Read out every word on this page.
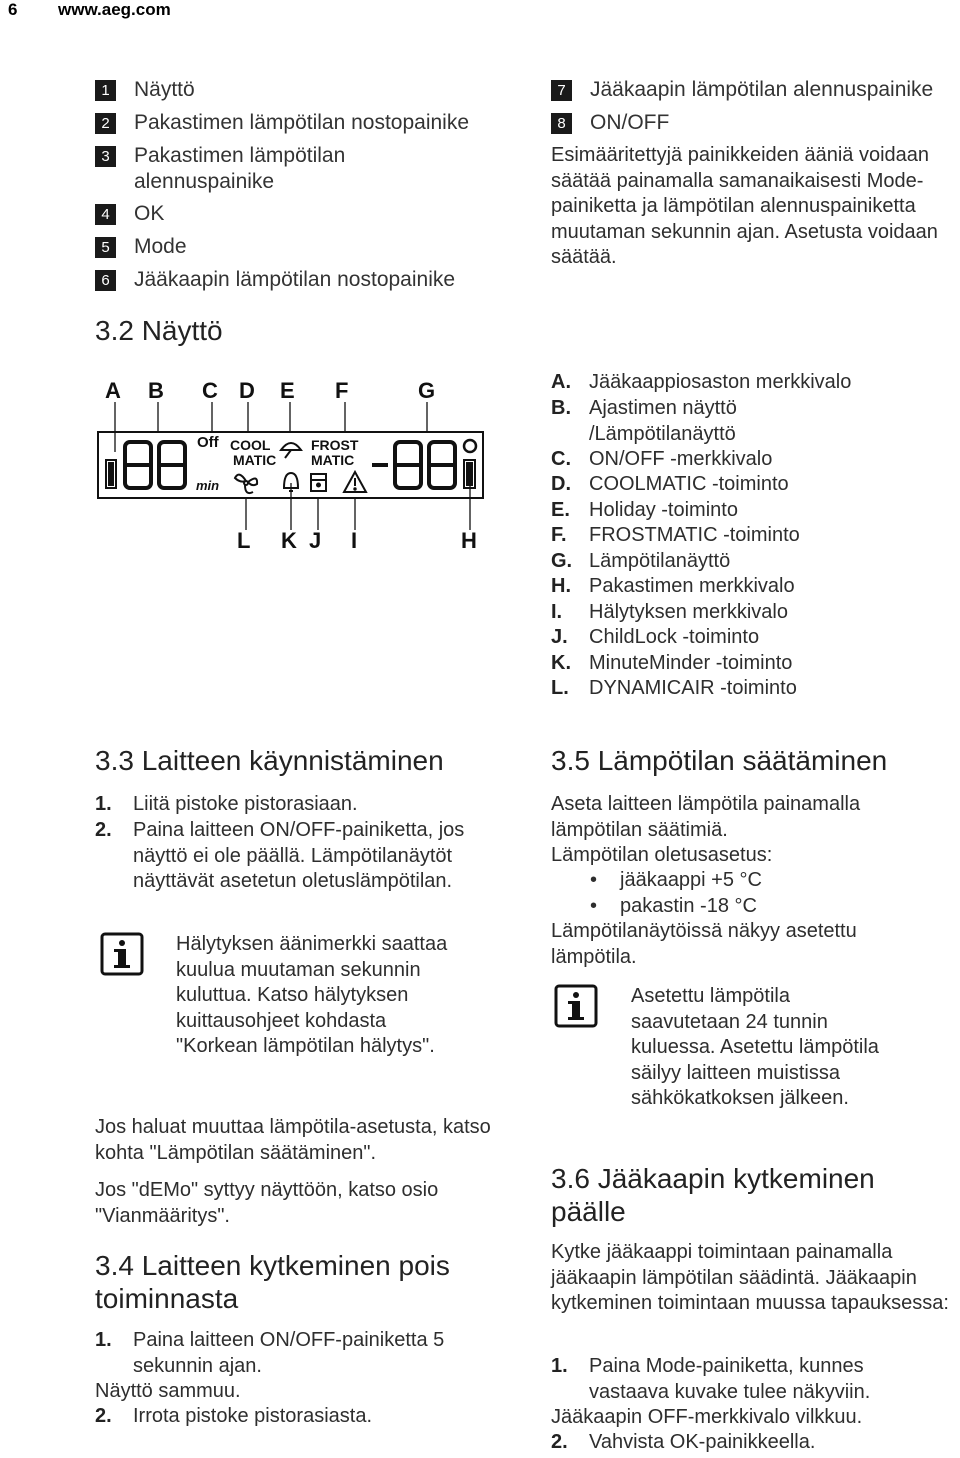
6 www.aeg.com
1	Näyttö
2	Pakastimen lämpötilan nostopainike
3	Pakastimen lämpötilan alennuspainike
4	OK
5	Mode
6	Jääkaapin lämpötilan nostopainike
7	Jääkaapin lämpötilan alennuspainike
8	ON/OFF
Esimääritettyjä painikkeiden ääniä voidaan säätää painamalla samanaikaisesti Mode-painiketta ja lämpötilan alennuspainiketta muutaman sekunnin ajan. Asetusta voidaan säätää.
3.2 Näyttö
A B C D E F	G
Off COOL
MATIC
FROST
MATIC
min
L K J I	H
A. Jääkaappiosaston merkkivalo
B. Ajastimen näyttö /Lämpötilanäyttö
C. ON/OFF -merkkivalo
D. COOLMATIC -toiminto
E. Holiday -toiminto
F.	FROSTMATIC -toiminto
G. Lämpötilanäyttö
H. Pakastimen merkkivalo
I.	Hälytyksen merkkivalo
J.	ChildLock -toiminto
K. MinuteMinder -toiminto
L.	DYNAMICAIR -toiminto
3.3 Laitteen käynnistäminen
1.	Liitä pistoke pistorasiaan.
2.	Paina laitteen ON/OFF-painiketta, jos näyttö ei ole päällä. Lämpötilanäytöt näyttävät asetetun oletuslämpötilan.
Hälytyksen äänimerkki saattaa kuulua muutaman sekunnin kuluttua. Katso hälytyksen kuittausohjeet kohdasta "Korkean lämpötilan hälytys".
Jos haluat muuttaa lämpötila-asetusta, katso kohta "Lämpötilan säätäminen".
Jos "dEMo" syttyy näyttöön, katso osio "Vianmääritys".
3.4 Laitteen kytkeminen pois toiminnasta
1.	Paina laitteen ON/OFF-painiketta 5 sekunnin ajan.
Näyttö sammuu.
2.	Irrota pistoke pistorasiasta.
3.5 Lämpötilan säätäminen
Aseta laitteen lämpötila painamalla lämpötilan säätimiä.
Lämpötilan oletusasetus:
• jääkaappi +5 °C
• pakastin -18 °C
Lämpötilanäytöissä näkyy asetettu lämpötila.
Asetettu lämpötila saavutetaan 24 tunnin kuluessa. Asetettu lämpötila säilyy laitteen muistissa sähkökatkoksen jälkeen.
3.6 Jääkaapin kytkeminen päälle
Kytke jääkaappi toimintaan painamalla jääkaapin lämpötilan säädintä. Jääkaapin kytkeminen toimintaan muussa tapauksessa:
1.	Paina Mode-painiketta, kunnes vastaava kuvake tulee näkyviin.
Jääkaapin OFF-merkkivalo vilkkuu.
2.	Vahvista OK-painikkeella.
